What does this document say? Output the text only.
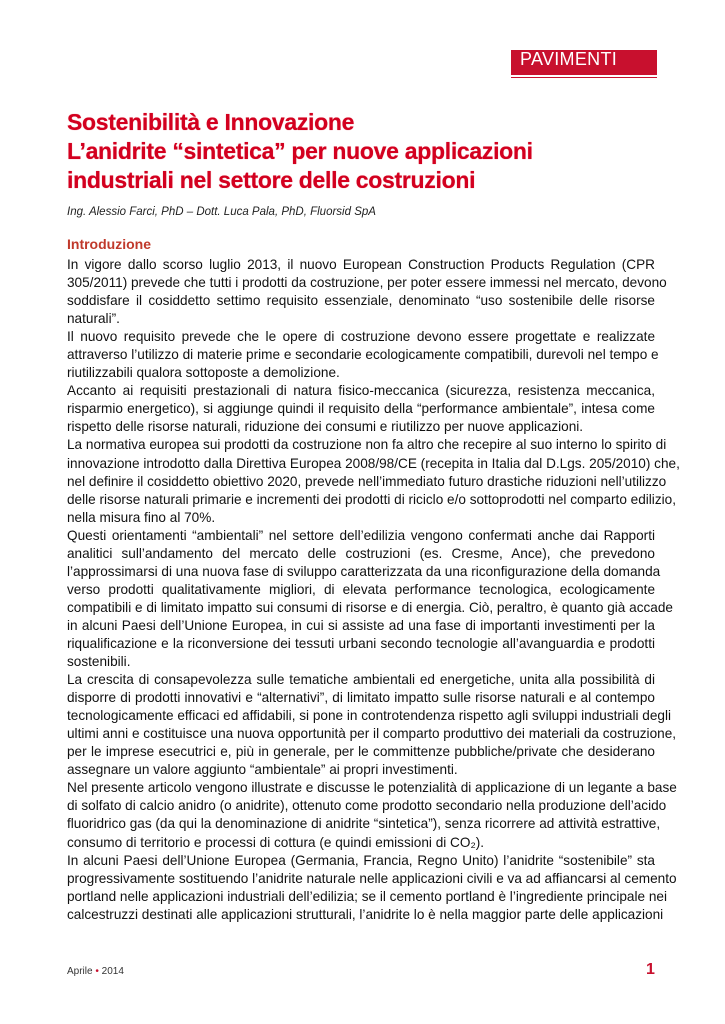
PAVIMENTI
Sostenibilità e Innovazione
L’anidrite “sintetica” per nuove applicazioni
industriali nel settore delle costruzioni
Ing. Alessio Farci, PhD – Dott. Luca Pala, PhD, Fluorsid SpA
Introduzione
In vigore dallo scorso luglio 2013, il nuovo European Construction Products Regulation (CPR
305/2011) prevede che tutti i prodotti da costruzione, per poter essere immessi nel mercato, devono
soddisfare il cosiddetto settimo requisito essenziale, denominato “uso sostenibile delle risorse
naturali”.
Il nuovo requisito prevede che le opere di costruzione devono essere progettate e realizzate
attraverso l’utilizzo di materie prime e secondarie ecologicamente compatibili, durevoli nel tempo e
riutilizzabili qualora sottoposte a demolizione.
Accanto ai requisiti prestazionali di natura fisico-meccanica (sicurezza, resistenza meccanica,
risparmio energetico), si aggiunge quindi il requisito della “performance ambientale”, intesa come
rispetto delle risorse naturali, riduzione dei consumi e riutilizzo per nuove applicazioni.
La normativa europea sui prodotti da costruzione non fa altro che recepire al suo interno lo spirito di
innovazione introdotto dalla Direttiva Europea 2008/98/CE (recepita in Italia dal D.Lgs. 205/2010) che,
nel definire il cosiddetto obiettivo 2020, prevede nell’immediato futuro drastiche riduzioni nell’utilizzo
delle risorse naturali primarie e incrementi dei prodotti di riciclo e/o sottoprodotti nel comparto edilizio,
nella misura fino al 70%.
Questi orientamenti “ambientali” nel settore dell’edilizia vengono confermati anche dai Rapporti
analitici sull’andamento del mercato delle costruzioni (es. Cresme, Ance), che prevedono
l’approssimarsi di una nuova fase di sviluppo caratterizzata da una riconfigurazione della domanda
verso prodotti qualitativamente migliori, di elevata performance tecnologica, ecologicamente
compatibili e di limitato impatto sui consumi di risorse e di energia. Ciò, peraltro, è quanto già accade
in alcuni Paesi dell’Unione Europea, in cui si assiste ad una fase di importanti investimenti per la
riqualificazione e la riconversione dei tessuti urbani secondo tecnologie all’avanguardia e prodotti
sostenibili.
La crescita di consapevolezza sulle tematiche ambientali ed energetiche, unita alla possibilità di
disporre di prodotti innovativi e “alternativi”, di limitato impatto sulle risorse naturali e al contempo
tecnologicamente efficaci ed affidabili, si pone in controtendenza rispetto agli sviluppi industriali degli
ultimi anni e costituisce una nuova opportunità per il comparto produttivo dei materiali da costruzione,
per le imprese esecutrici e, più in generale, per le committenze pubbliche/private che desiderano
assegnare un valore aggiunto “ambientale” ai propri investimenti.
Nel presente articolo vengono illustrate e discusse le potenzialità di applicazione di un legante a base
di solfato di calcio anidro (o anidrite), ottenuto come prodotto secondario nella produzione dell’acido
fluoridrico gas (da qui la denominazione di anidrite “sintetica”), senza ricorrere ad attività estrattive,
consumo di territorio e processi di cottura (e quindi emissioni di CO₂).
In alcuni Paesi dell’Unione Europea (Germania, Francia, Regno Unito) l’anidrite “sostenibile” sta
progressivamente sostituendo l’anidrite naturale nelle applicazioni civili e va ad affiancarsi al cemento
portland nelle applicazioni industriali dell’edilizia; se il cemento portland è l’ingrediente principale nei
calcestruzzi destinati alle applicazioni strutturali, l’anidrite lo è nella maggior parte delle applicazioni
Aprile • 2014	1
